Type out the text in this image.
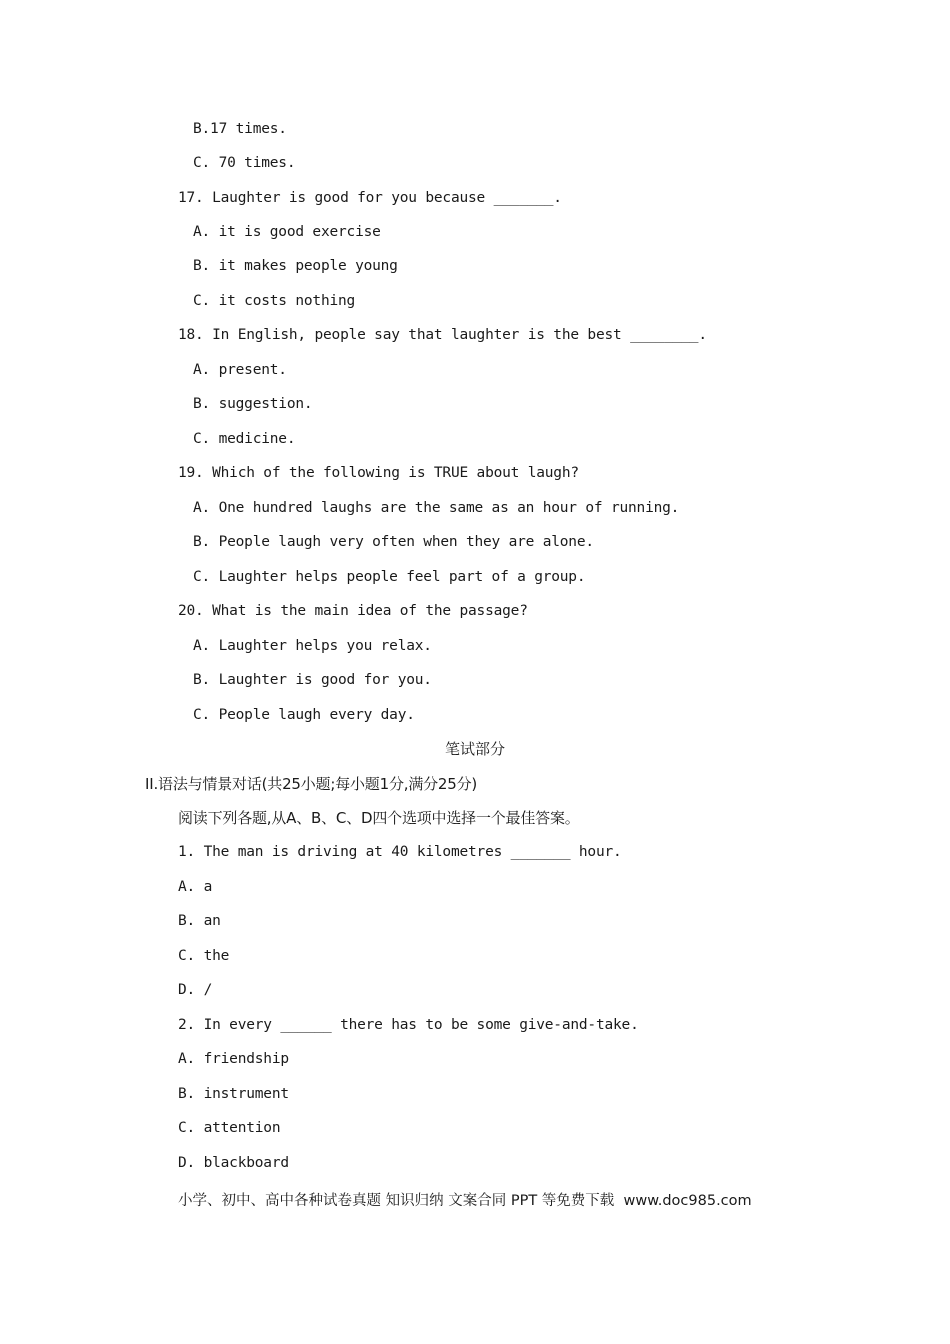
B.17 times.
C. 70 times.
17. Laughter is good for you because _______.
A. it is good exercise
B. it makes people young
C. it costs nothing
18. In English, people say that laughter is the best ________.
A. present.
B. suggestion.
C. medicine.
19. Which of the following is TRUE about laugh?
A. One hundred laughs are the same as an hour of running.
B. People laugh very often when they are alone.
C. Laughter helps people feel part of a group.
20. What is the main idea of the passage?
A. Laughter helps you relax.
B. Laughter is good for you.
C. People laugh every day.
笔试部分
II.语法与情景对话(共25小题;每小题1分,满分25分)
阅读下列各题,从A、B、C、D四个选项中选择一个最佳答案。
1. The man is driving at 40 kilometres _______ hour.
A. a
B. an
C. the
D. /
2. In every ______ there has to be some give-and-take.
A. friendship
B. instrument
C. attention
D. blackboard
小学、初中、高中各种试卷真题 知识归纳 文案合同 PPT 等免费下载  www.doc985.com
